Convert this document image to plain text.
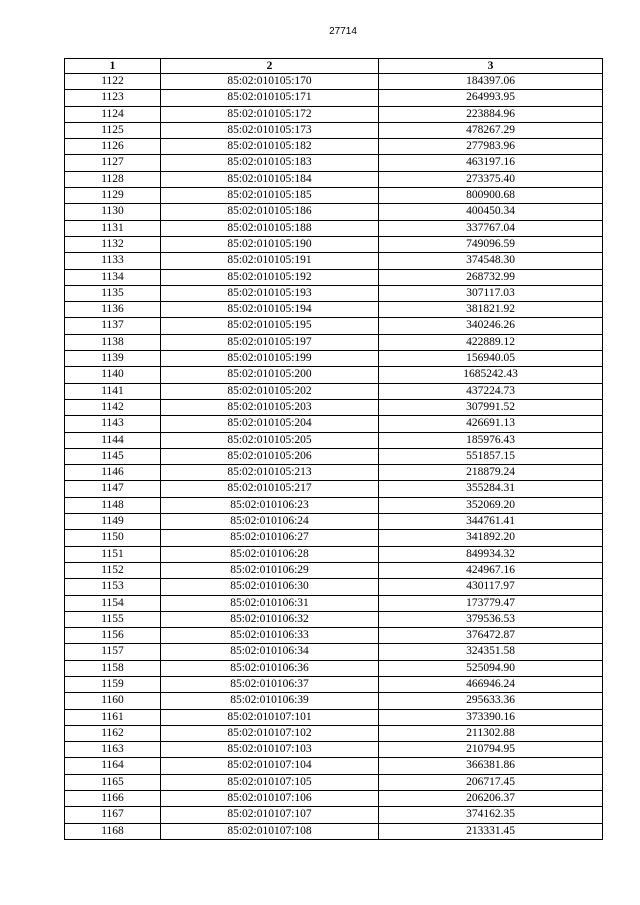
27714
1	2	3
1122	85:02:010105:170	184397.06
1123	85:02:010105:171	264993.95
1124	85:02:010105:172	223884.96
1125	85:02:010105:173	478267.29
1126	85:02:010105:182	277983.96
1127	85:02:010105:183	463197.16
1128	85:02:010105:184	273375.40
1129	85:02:010105:185	800900.68
1130	85:02:010105:186	400450.34
1131	85:02:010105:188	337767.04
1132	85:02:010105:190	749096.59
1133	85:02:010105:191	374548.30
1134	85:02:010105:192	268732.99
1135	85:02:010105:193	307117.03
1136	85:02:010105:194	381821.92
1137	85:02:010105:195	340246.26
1138	85:02:010105:197	422889.12
1139	85:02:010105:199	156940.05
1140	85:02:010105:200	1685242.43
1141	85:02:010105:202	437224.73
1142	85:02:010105:203	307991.52
1143	85:02:010105:204	426691.13
1144	85:02:010105:205	185976.43
1145	85:02:010105:206	551857.15
1146	85:02:010105:213	218879.24
1147	85:02:010105:217	355284.31
1148	85:02:010106:23	352069.20
1149	85:02:010106:24	344761.41
1150	85:02:010106:27	341892.20
1151	85:02:010106:28	849934.32
1152	85:02:010106:29	424967.16
1153	85:02:010106:30	430117.97
1154	85:02:010106:31	173779.47
1155	85:02:010106:32	379536.53
1156	85:02:010106:33	376472.87
1157	85:02:010106:34	324351.58
1158	85:02:010106:36	525094.90
1159	85:02:010106:37	466946.24
1160	85:02:010106:39	295633.36
1161	85:02:010107:101	373390.16
1162	85:02:010107:102	211302.88
1163	85:02:010107:103	210794.95
1164	85:02:010107:104	366381.86
1165	85:02:010107:105	206717.45
1166	85:02:010107:106	206206.37
1167	85:02:010107:107	374162.35
1168	85:02:010107:108	213331.45
